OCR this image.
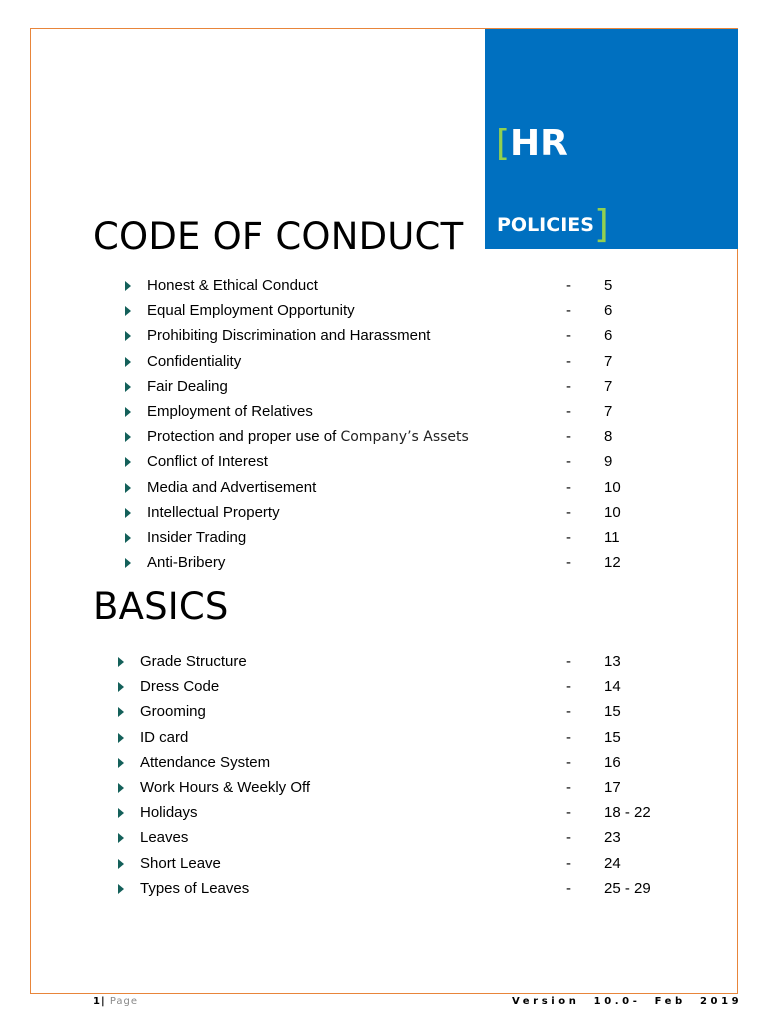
[HR
POLICIES]
CODE OF CONDUCT
Honest & Ethical Conduct	- 5
Equal Employment Opportunity	- 6
Prohibiting Discrimination and Harassment	- 6
Confidentiality	- 7
Fair Dealing	- 7
Employment of Relatives	- 7
Protection and proper use of Company’s Assets	- 8
Conflict of Interest	- 9
Media and Advertisement	- 10
Intellectual Property	- 10
Insider Trading	- 11
Anti-Bribery	- 12
BASICS
Grade Structure	- 13
Dress Code	- 14
Grooming	- 15
ID card	- 15
Attendance System	- 16
Work Hours & Weekly Off	- 17
Holidays	- 18 - 22
Leaves	- 23
Short Leave	- 24
Types of Leaves	- 25 - 29
1| Page	Version  10.0-  Feb  2019
